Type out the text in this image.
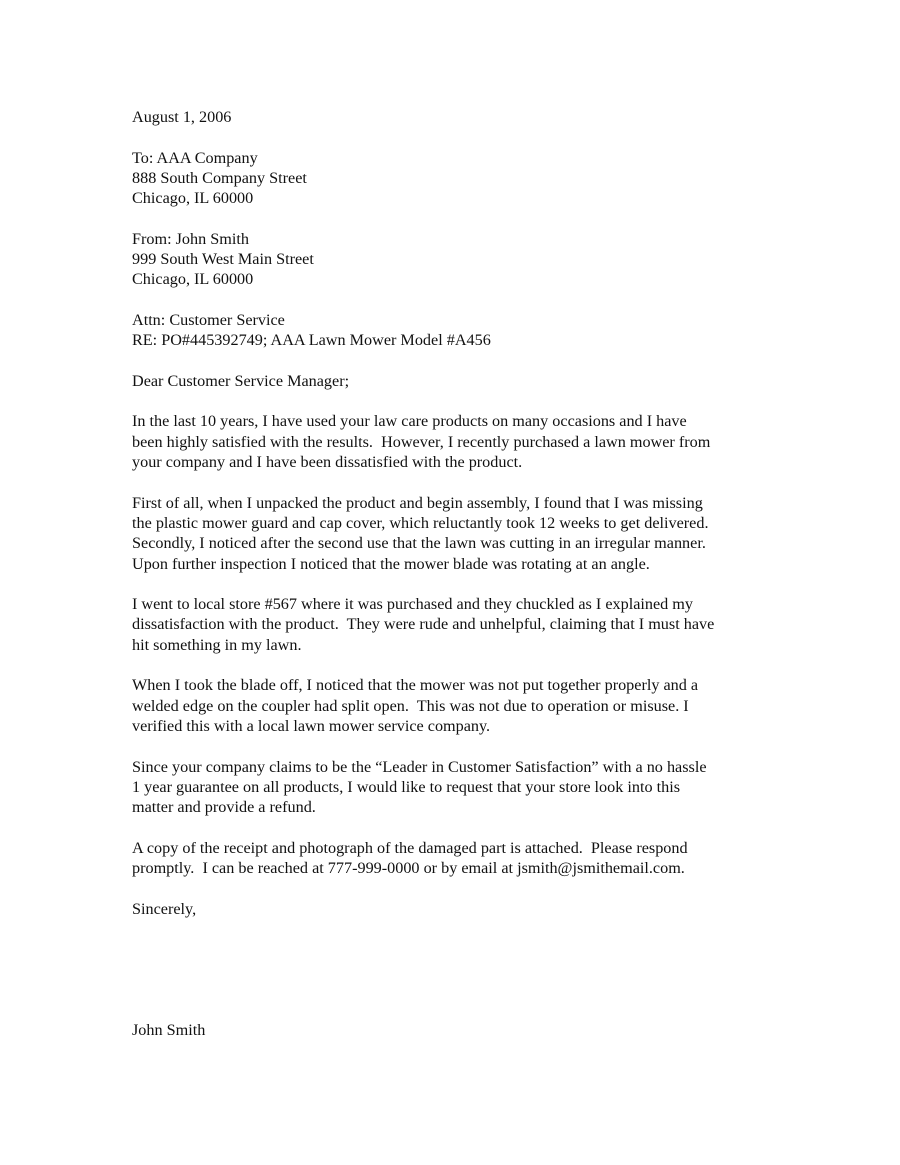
August 1, 2006
To: AAA Company
888 South Company Street
Chicago, IL 60000
From: John Smith
999 South West Main Street
Chicago, IL 60000
Attn: Customer Service
RE: PO#445392749; AAA Lawn Mower Model #A456
Dear Customer Service Manager;
In the last 10 years, I have used your law care products on many occasions and I have
been highly satisfied with the results.  However, I recently purchased a lawn mower from
your company and I have been dissatisfied with the product.
First of all, when I unpacked the product and begin assembly, I found that I was missing
the plastic mower guard and cap cover, which reluctantly took 12 weeks to get delivered.
Secondly, I noticed after the second use that the lawn was cutting in an irregular manner.
Upon further inspection I noticed that the mower blade was rotating at an angle.
I went to local store #567 where it was purchased and they chuckled as I explained my
dissatisfaction with the product.  They were rude and unhelpful, claiming that I must have
hit something in my lawn.
When I took the blade off, I noticed that the mower was not put together properly and a
welded edge on the coupler had split open.  This was not due to operation or misuse. I
verified this with a local lawn mower service company.
Since your company claims to be the “Leader in Customer Satisfaction” with a no hassle
1 year guarantee on all products, I would like to request that your store look into this
matter and provide a refund.
A copy of the receipt and photograph of the damaged part is attached.  Please respond
promptly.  I can be reached at 777-999-0000 or by email at jsmith@jsmithemail.com.
Sincerely,
John Smith
